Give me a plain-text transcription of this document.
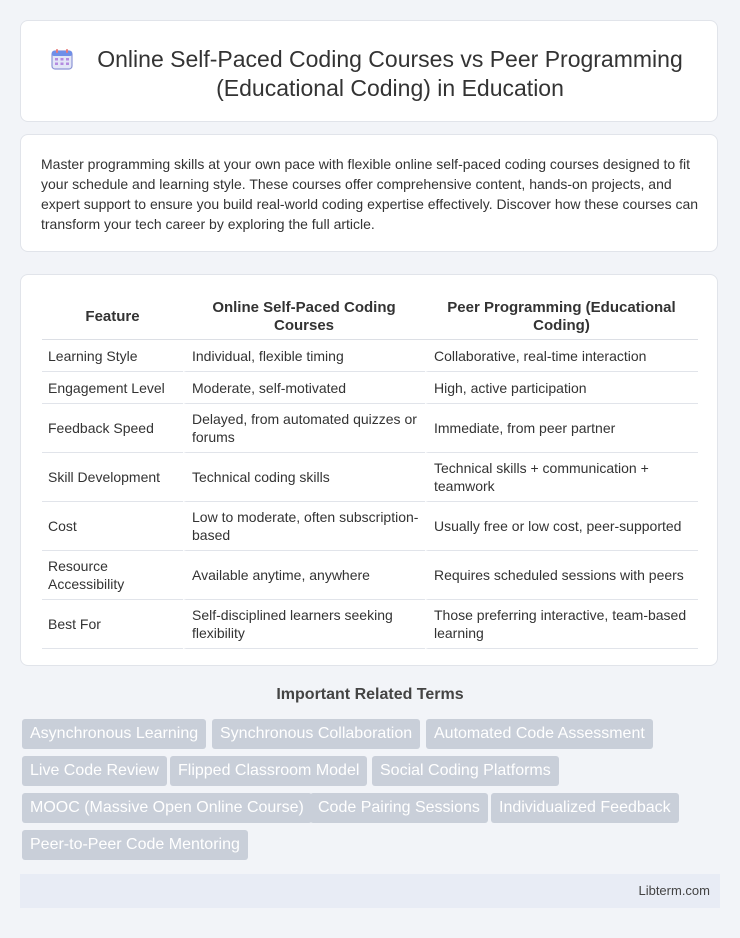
Online Self-Paced Coding Courses vs Peer Programming (Educational Coding) in Education

Master programming skills at your own pace with flexible online self-paced coding courses designed to fit your schedule and learning style. These courses offer comprehensive content, hands-on projects, and expert support to ensure you build real-world coding expertise effectively. Discover how these courses can transform your tech career by exploring the full article.

Feature	Online Self-Paced Coding Courses	Peer Programming (Educational Coding)
Learning Style	Individual, flexible timing	Collaborative, real-time interaction
Engagement Level	Moderate, self-motivated	High, active participation
Feedback Speed	Delayed, from automated quizzes or forums	Immediate, from peer partner
Skill Development	Technical coding skills	Technical skills + communication + teamwork
Cost	Low to moderate, often subscription-based	Usually free or low cost, peer-supported
Resource Accessibility	Available anytime, anywhere	Requires scheduled sessions with peers
Best For	Self-disciplined learners seeking flexibility	Those preferring interactive, team-based learning
Important Related Terms
Asynchronous Learning	Synchronous Collaboration	Automated Code Assessment
Live Code Review	Flipped Classroom Model	Social Coding Platforms
MOOC (Massive Open Online Course) Code Pairing Sessions	Individualized Feedback
Peer-to-Peer Code Mentoring
Libterm.com
